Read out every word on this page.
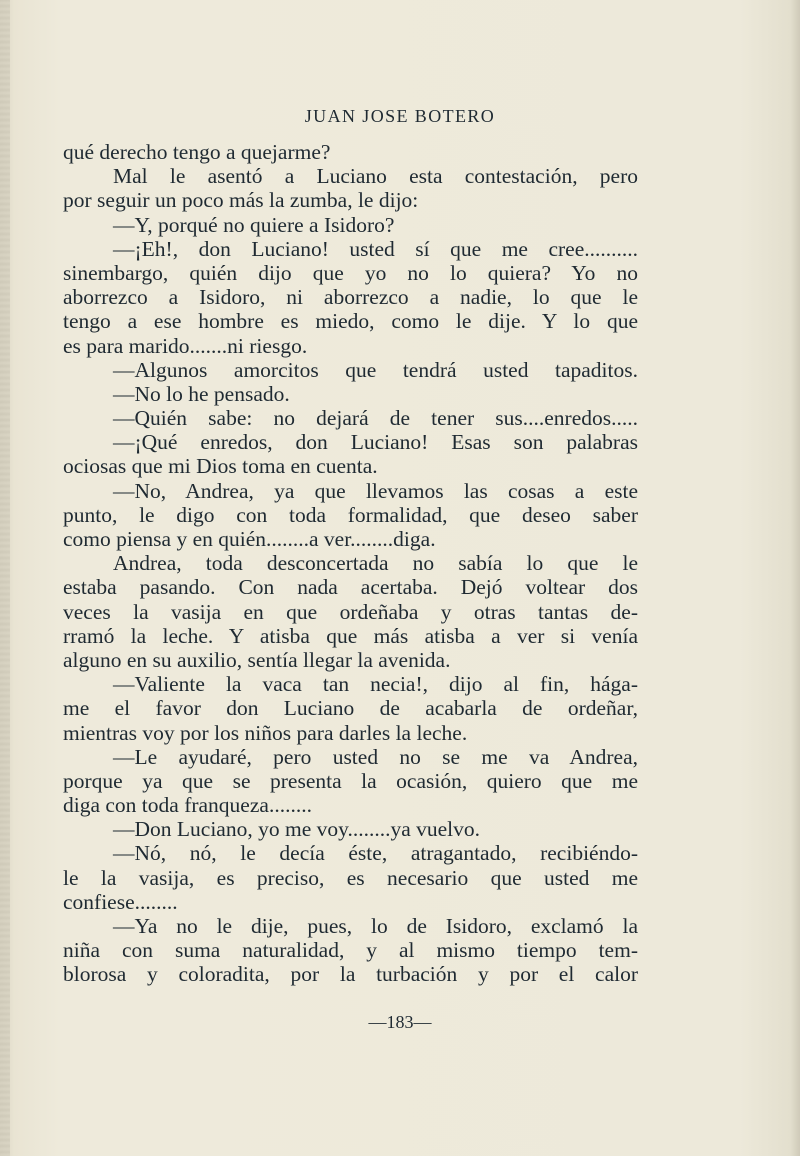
JUAN JOSE BOTERO
qué derecho tengo a quejarme?
Mal le asentó a Luciano esta contestación, pero
por seguir un poco más la zumba, le dijo:
—Y, porqué no quiere a Isidoro?
—¡Eh!, don Luciano! usted sí que me cree..........
sinembargo, quién dijo que yo no lo quiera? Yo no
aborrezco a Isidoro, ni aborrezco a nadie, lo que le
tengo a ese hombre es miedo, como le dije. Y lo que
es para marido.......ni riesgo.
—Algunos amorcitos que tendrá usted tapaditos.
—No lo he pensado.
—Quién sabe: no dejará de tener sus....enredos.....
—¡Qué enredos, don Luciano! Esas son palabras
ociosas que mi Dios toma en cuenta.
—No, Andrea, ya que llevamos las cosas a este
punto, le digo con toda formalidad, que deseo saber
como piensa y en quién........a ver........diga.
Andrea, toda desconcertada no sabía lo que le
estaba pasando. Con nada acertaba. Dejó voltear dos
veces la vasija en que ordeñaba y otras tantas de-
rramó la leche. Y atisba que más atisba a ver si venía
alguno en su auxilio, sentía llegar la avenida.
—Valiente la vaca tan necia!, dijo al fin, hága-
me el favor don Luciano de acabarla de ordeñar,
mientras voy por los niños para darles la leche.
—Le ayudaré, pero usted no se me va Andrea,
porque ya que se presenta la ocasión, quiero que me
diga con toda franqueza........
—Don Luciano, yo me voy........ya vuelvo.
—Nó, nó, le decía éste, atragantado, recibiéndo-
le la vasija, es preciso, es necesario que usted me
confiese........
—Ya no le dije, pues, lo de Isidoro, exclamó la
niña con suma naturalidad, y al mismo tiempo tem-
blorosa y coloradita, por la turbación y por el calor
—183—
